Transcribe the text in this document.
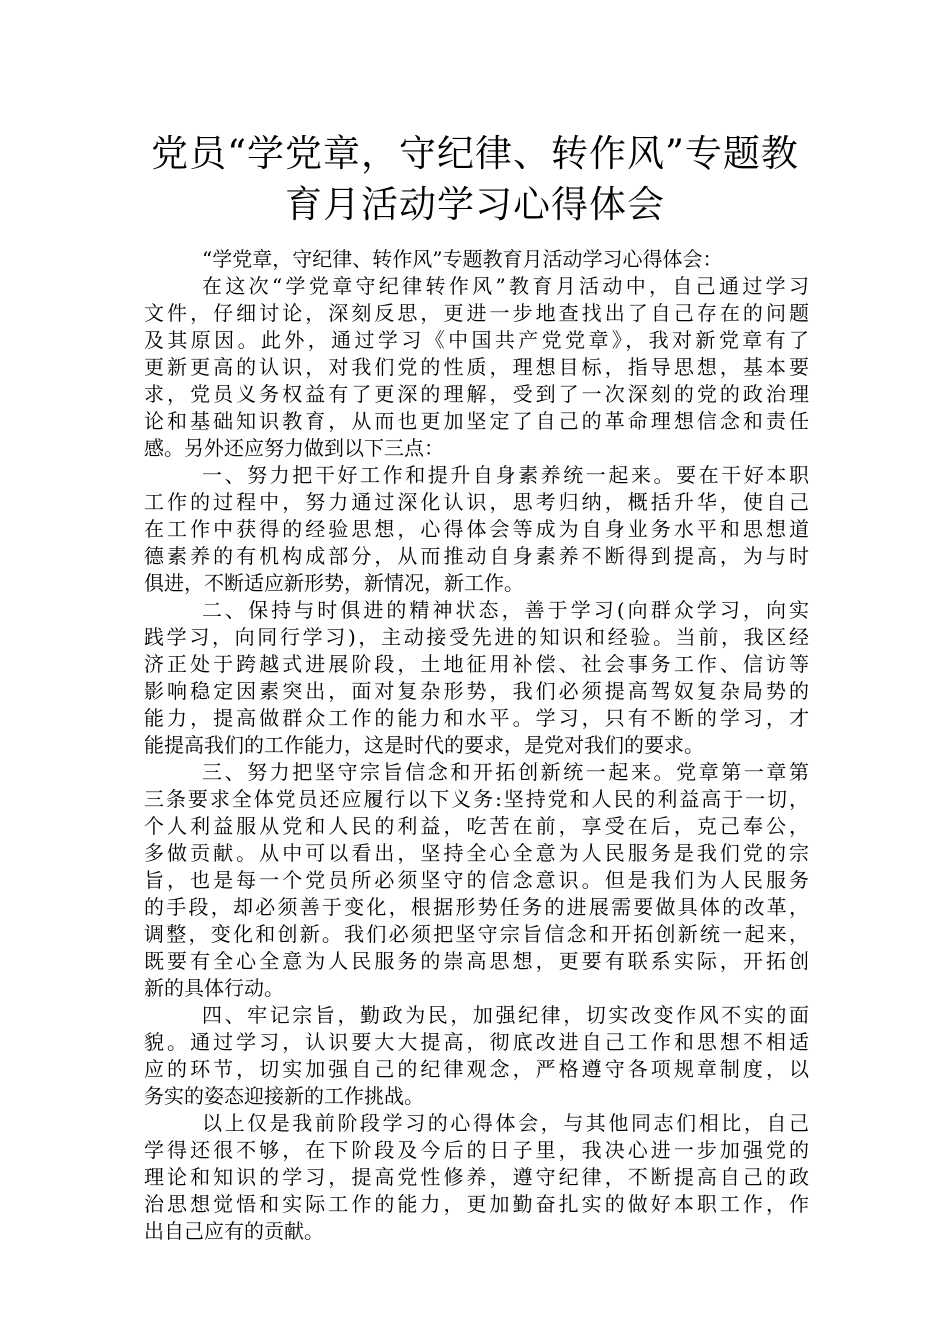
党员“学党章，守纪律、转作风”专题教
育月活动学习心得体会

“学党章，守纪律、转作风”专题教育月活动学习心得体会：

在这次“学党章守纪律转作风”教育月活动中，自己通过学习
文件，仔细讨论，深刻反思，更进一步地查找出了自己存在的问题
及其原因。此外，通过学习《中国共产党党章》，我对新党章有了
更新更高的认识，对我们党的性质，理想目标，指导思想，基本要
求，党员义务权益有了更深的理解，受到了一次深刻的党的政治理
论和基础知识教育，从而也更加坚定了自己的革命理想信念和责任
感。另外还应努力做到以下三点：

一、努力把干好工作和提升自身素养统一起来。要在干好本职
工作的过程中，努力通过深化认识，思考归纳，概括升华，使自己
在工作中获得的经验思想，心得体会等成为自身业务水平和思想道
德素养的有机构成部分，从而推动自身素养不断得到提高，为与时
俱进，不断适应新形势，新情况，新工作。

二、保持与时俱进的精神状态，善于学习(向群众学习，向实
践学习，向同行学习)，主动接受先进的知识和经验。当前，我区经
济正处于跨越式进展阶段，土地征用补偿、社会事务工作、信访等
影响稳定因素突出，面对复杂形势，我们必须提高驾奴复杂局势的
能力，提高做群众工作的能力和水平。学习，只有不断的学习，才
能提高我们的工作能力，这是时代的要求，是党对我们的要求。

三、努力把坚守宗旨信念和开拓创新统一起来。党章第一章第
三条要求全体党员还应履行以下义务:坚持党和人民的利益高于一切，
个人利益服从党和人民的利益，吃苦在前，享受在后，克己奉公，
多做贡献。从中可以看出，坚持全心全意为人民服务是我们党的宗
旨，也是每一个党员所必须坚守的信念意识。但是我们为人民服务
的手段，却必须善于变化，根据形势任务的进展需要做具体的改革，
调整，变化和创新。我们必须把坚守宗旨信念和开拓创新统一起来，
既要有全心全意为人民服务的崇高思想，更要有联系实际，开拓创
新的具体行动。

四、牢记宗旨，勤政为民，加强纪律，切实改变作风不实的面
貌。通过学习，认识要大大提高，彻底改进自己工作和思想不相适
应的环节，切实加强自己的纪律观念，严格遵守各项规章制度，以
务实的姿态迎接新的工作挑战。

以上仅是我前阶段学习的心得体会，与其他同志们相比，自己
学得还很不够，在下阶段及今后的日子里，我决心进一步加强党的
理论和知识的学习，提高党性修养，遵守纪律，不断提高自己的政
治思想觉悟和实际工作的能力，更加勤奋扎实的做好本职工作，作
出自己应有的贡献。
